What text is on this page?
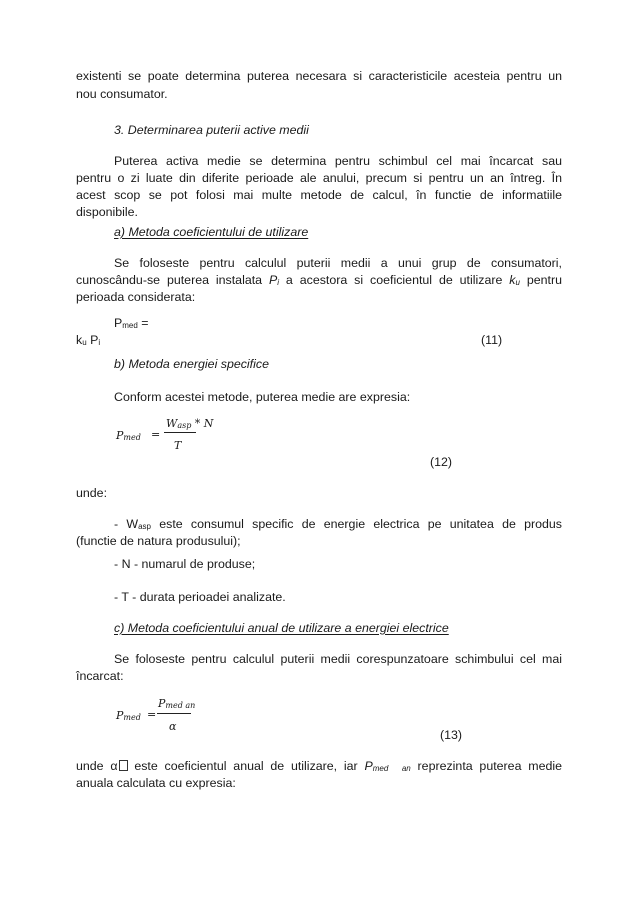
existenti se poate determina puterea necesara si caracteristicile acesteia pentru un

nou consumator.

3. Determinarea puterii active medii

Puterea activa medie se determina pentru schimbul cel mai încarcat sau

pentru o zi luate din diferite perioade ale anului, precum si pentru un an întreg. În

acest scop se pot folosi mai multe metode de calcul, în functie de informatiile

disponibile.

a) Metoda coeficientului de utilizare

Se foloseste pentru calculul puterii medii a unui grup de consumatori,

cunoscându-se puterea instalata Pi a acestora si coeficientul de utilizare ku pentru

perioada considerata:

Pmed =

ku Pi	(11)

b) Metoda energiei specifice

Conform acestei metode, puterea medie are expresia:

Pmed =
Wasp * N
T

(12)

unde:

- Wasp este consumul specific de energie electrica pe unitatea de produs

(functie de natura produsului);

- N - numarul de produse;

- T - durata perioadei analizate.

c) Metoda coeficientului anual de utilizare a energiei electrice

Se foloseste pentru calculul puterii medii corespunzatoare schimbului cel mai

încarcat:

Pmed =
Pmed an
α

(13)

unde α este coeficientul anual de utilizare, iar Pmed an reprezinta puterea medie

anuala calculata cu expresia:
